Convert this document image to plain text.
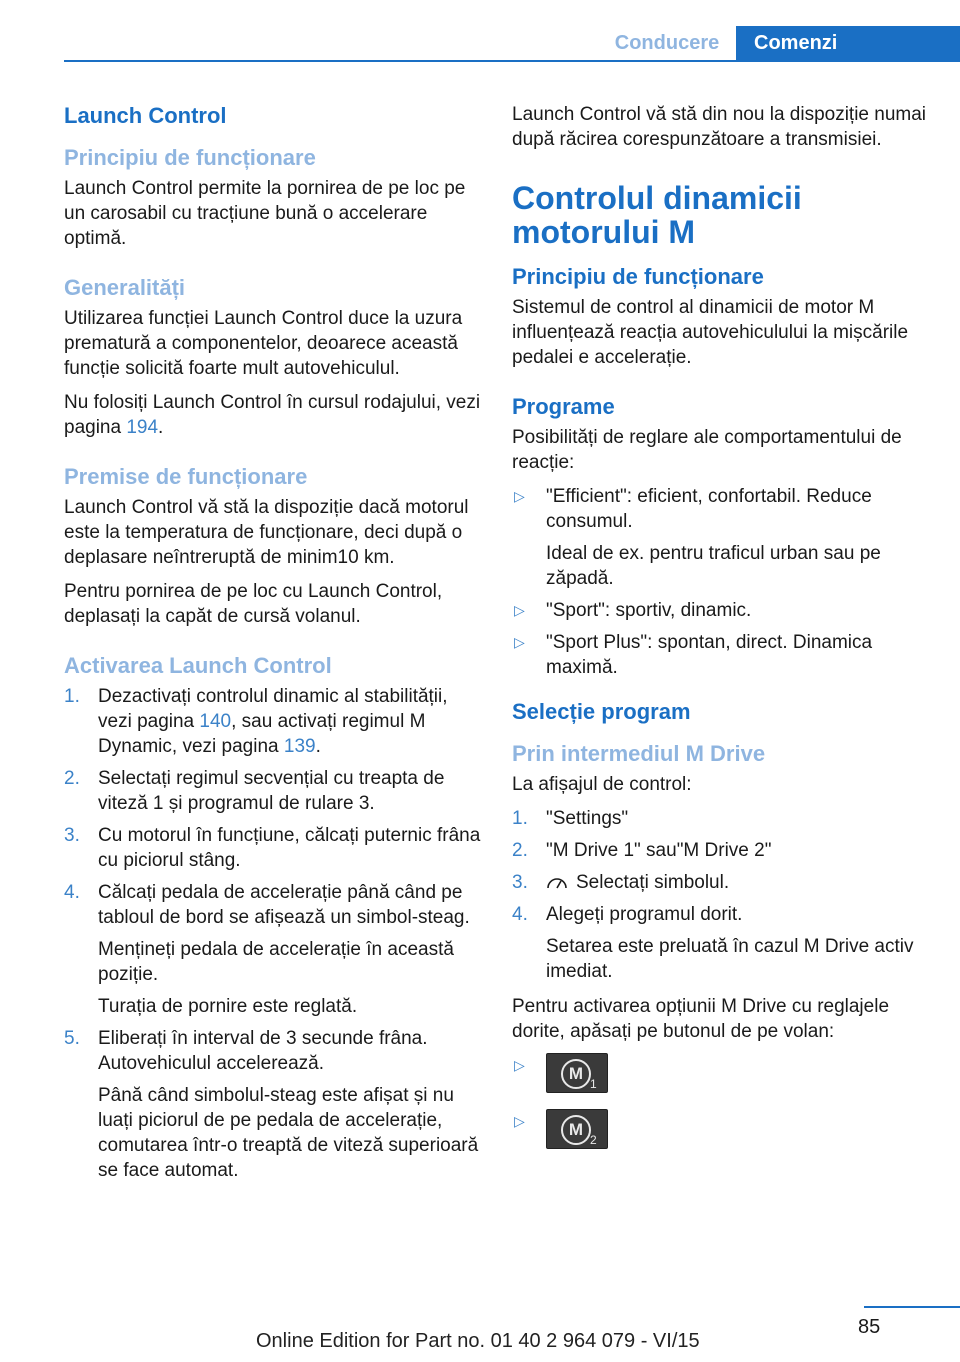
Conducere	Comenzi
Launch Control
Principiu de funcționare

Launch Control permite la pornirea de pe loc pe un carosabil cu tracțiune bună o accelerare optimă.

Generalități

Utilizarea funcției Launch Control duce la uzura prematură a componentelor, deoarece această funcție solicită foarte mult autovehiculul.

Nu folosiți Launch Control în cursul rodajului, vezi pagina 194.

Premise de funcționare

Launch Control vă stă la dispoziție dacă motorul este la temperatura de funcționare, deci după o deplasare neîntreruptă de minim10 km.

Pentru pornirea de pe loc cu Launch Control, deplasați la capăt de cursă volanul.

Activarea Launch Control
1. Dezactivați controlul dinamic al stabilității, vezi pagina 140, sau activați regimul M Dynamic, vezi pagina 139.
2. Selectați regimul secvențial cu treapta de viteză 1 și programul de rulare 3.
3. Cu motorul în funcțiune, călcați puternic frâna cu piciorul stâng.
4. Călcați pedala de accelerație până când pe tabloul de bord se afișează un simbol-steag.
Mențineți pedala de accelerație în această poziție.
Turația de pornire este reglată.
5. Eliberați în interval de 3 secunde frâna. Autovehiculul accelerează.
Până când simbolul-steag este afișat și nu luați piciorul de pe pedala de accelerație, comutarea într-o treaptă de viteză superioară se face automat.

Launch Control vă stă din nou la dispoziție numai după răcirea corespunzătoare a transmisiei.

Controlul dinamicii motorului M
Principiu de funcționare

Sistemul de control al dinamicii de motor M influențează reacția autovehiculului la mișcările pedalei e accelerație.

Programe

Posibilități de reglare ale comportamentului de reacție:

▷ "Efficient": eficient, confortabil. Reduce consumul.
Ideal de ex. pentru traficul urban sau pe zăpadă.
▷ "Sport": sportiv, dinamic.
▷ "Sport Plus": spontan, direct. Dinamica maximă.
Selecție program
Prin intermediul M Drive

La afișajul de control:

1. "Settings"
2. "M Drive 1" sau"M Drive 2"
3.	Selectați simbolul.
4. Alegeți programul dorit.
Setarea este preluată în cazul M Drive activ imediat.

Pentru activarea opțiunii M Drive cu reglajele dorite, apăsați pe butonul de pe volan:

▷	M
1
▷	M
2
85
Online Edition for Part no. 01 40 2 964 079 - VI/15
